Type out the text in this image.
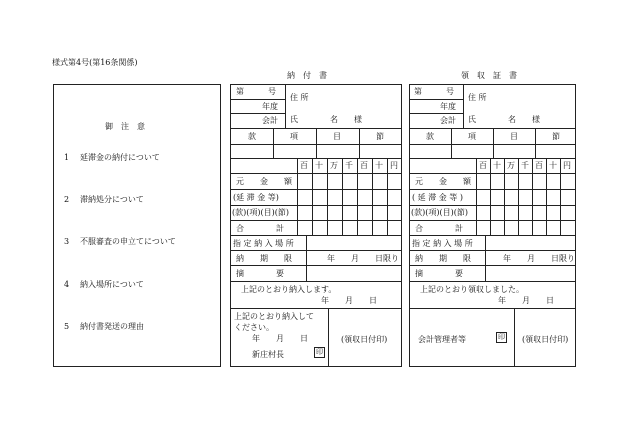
様式第4号(第16条関係)
御　注　意
1 延滞金の納付について
2 滞納処分について
3 不服審査の申立てについて
4 納入場所について
5 納付書発送の理由
納　付　書
第　　　号
年度
会計
住 所
氏　　　　名　　様
款	項	目	節
百 十 万 千 百 十 円
元　　金　　額
(延 滞 金 等)
(款)(項)(目)(節)
合　　　　計
指 定 納 入 場 所
納　　期　　限	年　　月　　日限り
摘　　　　要
上記のとおり納入します。
年　　月　　日
上記のとおり納入して
ください。
年　　月　　日
新庄村長	印
(領収日付印)
領　収　証　書
第　　　号
年度
会計
住 所
氏　　　　名　　様
款	項	目	節
百 十 万 千 百 十 円
元　　金　　額
( 延 滞 金 等 )
(款)(項)(目)(節)
合　　　　計
指 定 納 入 場 所
納　　期　　限	年　　月　　日限り
摘　　　　要
上記のとおり領収しました。
年　　月　　日
会計管理者等	印 (領収日付印)
